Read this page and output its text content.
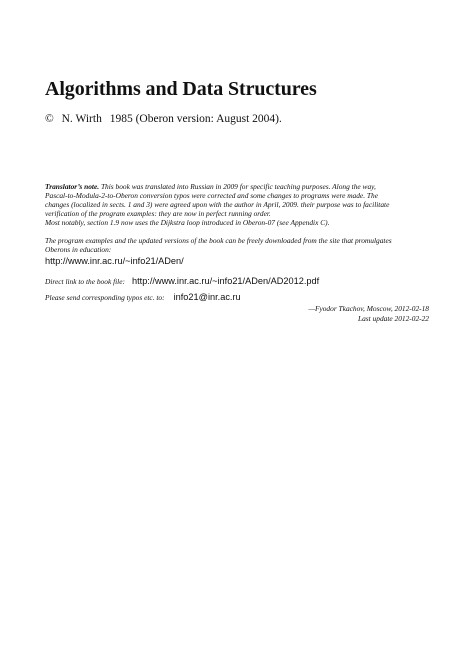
Algorithms and Data Structures
© N. Wirth 1985 (Oberon version: August 2004).
Translator’s note. This book was translated into Russian in 2009 for specific teaching purposes. Along the way,
Pascal-to-Modula-2-to-Oberon conversion typos were corrected and some changes to programs were made. The
changes (localized in sects. 1 and 3) were agreed upon with the author in April, 2009. their purpose was to facilitate
verification of the program examples: they are now in perfect running order.
Most notably, section 1.9 now uses the Dijkstra loop introduced in Oberon-07 (see Appendix C).
The program examples and the updated versions of the book can be freely downloaded from the site that promulgates
Oberons in education:
http://www.inr.ac.ru/~info21/ADen/
Direct link to the book file: http://www.inr.ac.ru/~info21/ADen/AD2012.pdf
Please send corresponding typos etc. to: info21@inr.ac.ru
—Fyodor Tkachov, Moscow, 2012-02-18
Last update 2012-02-22
